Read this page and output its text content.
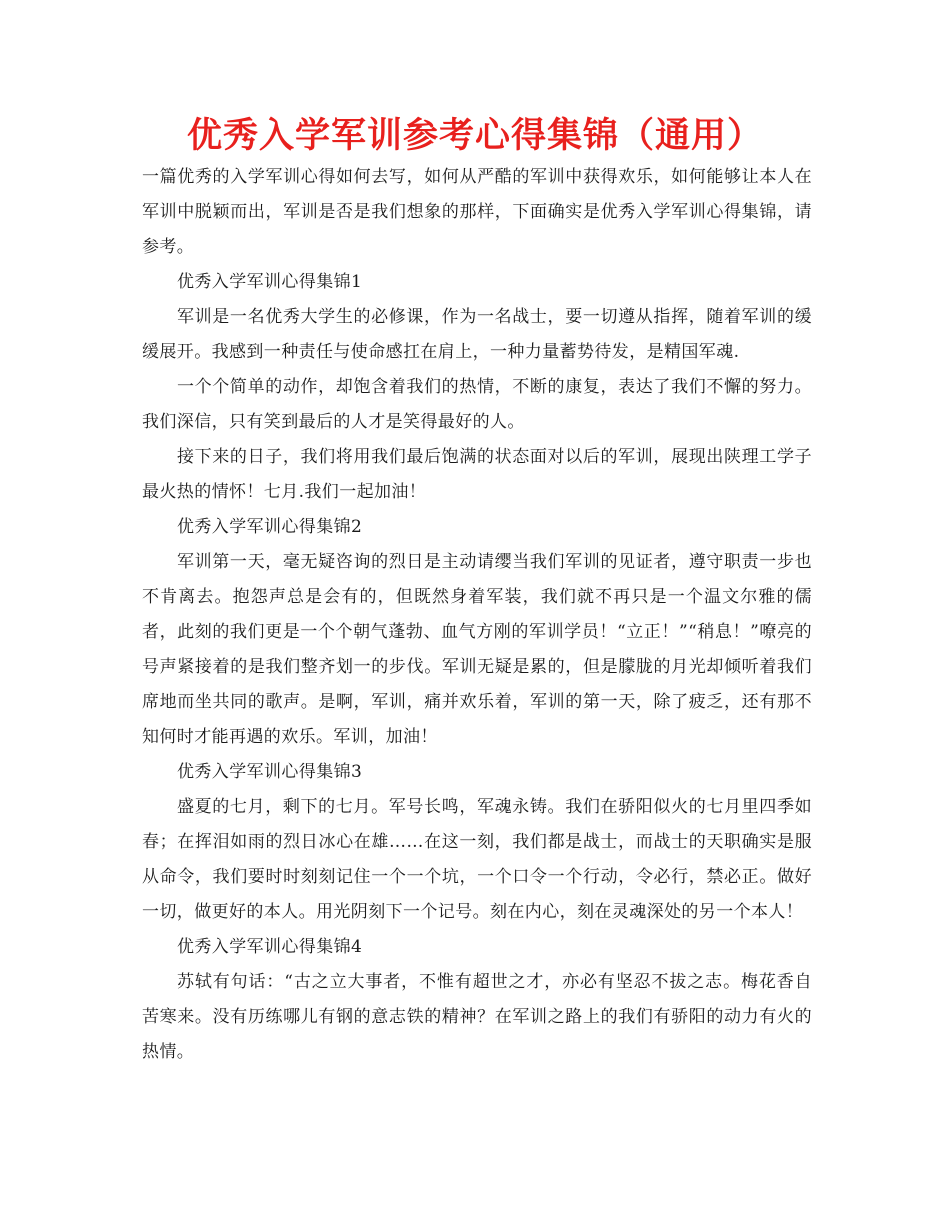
优秀入学军训参考心得集锦（通用）

一篇优秀的入学军训心得如何去写，如何从严酷的军训中获得欢乐，如何能够让本人在军训中脱颖而出，军训是否是我们想象的那样，下面确实是优秀入学军训心得集锦，请参考。

优秀入学军训心得集锦1

军训是一名优秀大学生的必修课，作为一名战士，要一切遵从指挥，随着军训的缓缓展开。我感到一种责任与使命感扛在肩上，一种力量蓄势待发，是精国军魂.

一个个简单的动作，却饱含着我们的热情，不断的康复，表达了我们不懈的努力。我们深信，只有笑到最后的人才是笑得最好的人。

接下来的日子，我们将用我们最后饱满的状态面对以后的军训，展现出陕理工学子最火热的情怀！七月.我们一起加油！

优秀入学军训心得集锦2

军训第一天，毫无疑咨询的烈日是主动请缨当我们军训的见证者，遵守职责一步也不肯离去。抱怨声总是会有的，但既然身着军装，我们就不再只是一个温文尔雅的儒者，此刻的我们更是一个个朝气蓬勃、血气方刚的军训学员！“立正！”“稍息！”嘹亮的号声紧接着的是我们整齐划一的步伐。军训无疑是累的，但是朦胧的月光却倾听着我们席地而坐共同的歌声。是啊，军训，痛并欢乐着，军训的第一天，除了疲乏，还有那不知何时才能再遇的欢乐。军训，加油！

优秀入学军训心得集锦3

盛夏的七月，剩下的七月。军号长鸣，军魂永铸。我们在骄阳似火的七月里四季如春；在挥泪如雨的烈日冰心在雄……在这一刻，我们都是战士，而战士的天职确实是服从命令，我们要时时刻刻记住一个一个坑，一个口令一个行动，令必行，禁必正。做好一切，做更好的本人。用光阴刻下一个记号。刻在内心，刻在灵魂深处的另一个本人！

优秀入学军训心得集锦4

苏轼有句话：“古之立大事者，不惟有超世之才，亦必有坚忍不拔之志。梅花香自苦寒来。没有历练哪儿有钢的意志铁的精神？在军训之路上的我们有骄阳的动力有火的热情。
